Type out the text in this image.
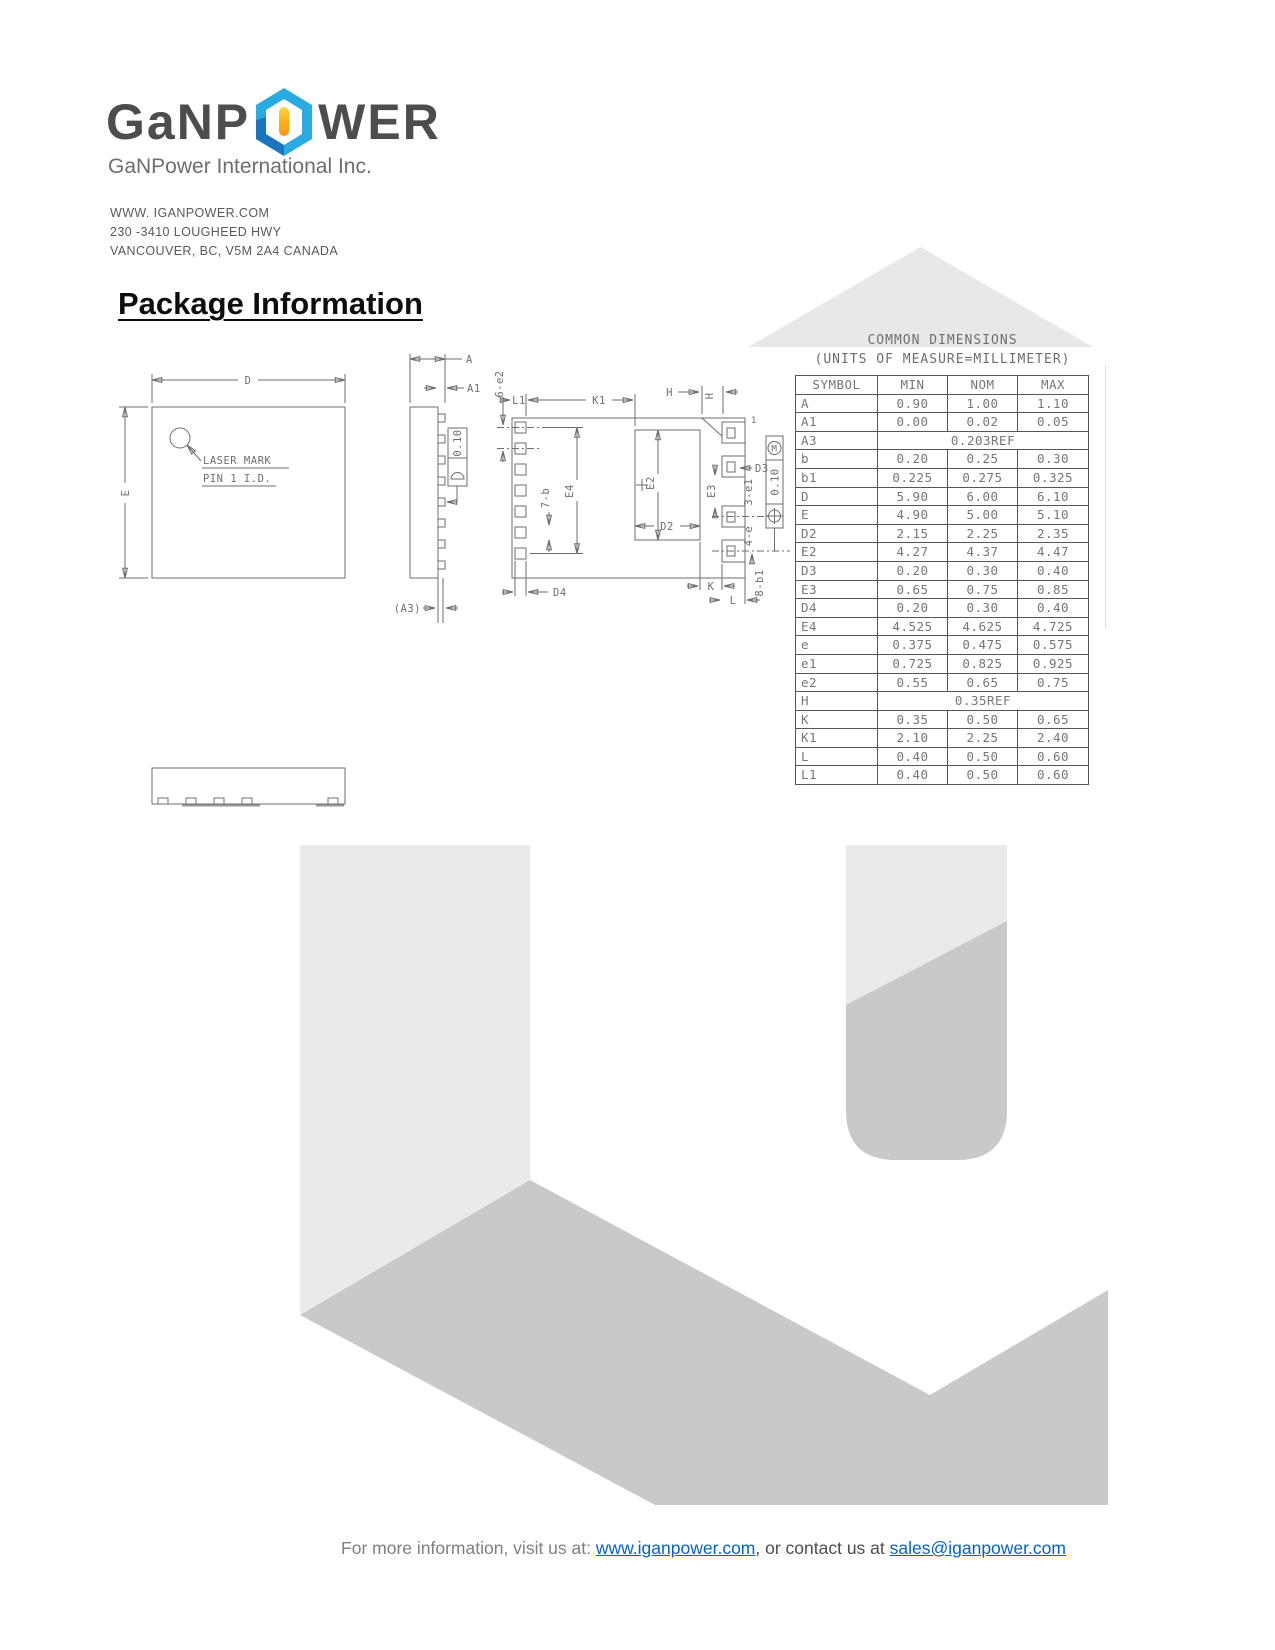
GaNP WER
GaNPower International Inc.
WWW. IGANPOWER.COM
230 -3410 LOUGHEED HWY
VANCOUVER, BC, V5M 2A4 CANADA
Package Information
D
E
LASER MARK
PIN 1 I.D.
A
A1
0.10
(A3)
6-e2
L1	K1
E4
7-b
D4
E2
D2
H	H
1
D3
E3 3-e1
4-e
M
0.10
K
L
8-b1
COMMON DIMENSIONS
(UNITS OF MEASURE=MILLIMETER)
SYMBOL	MIN	NOM	MAX
A	0.90	1.00	1.10
A1	0.00	0.02	0.05
A3	0.203REF		
b	0.20	0.25	0.30
b1	0.225	0.275	0.325
D	5.90	6.00	6.10
E	4.90	5.00	5.10
D2	2.15	2.25	2.35
E2	4.27	4.37	4.47
D3	0.20	0.30	0.40
E3	0.65	0.75	0.85
D4	0.20	0.30	0.40
E4	4.525	4.625	4.725
e	0.375	0.475	0.575
e1	0.725	0.825	0.925
e2	0.55	0.65	0.75
H	0.35REF		
K	0.35	0.50	0.65
K1	2.10	2.25	2.40
L	0.40	0.50	0.60
L1	0.40	0.50	0.60
For more information, visit us at: www.iganpower.com, or contact us at sales@iganpower.com
